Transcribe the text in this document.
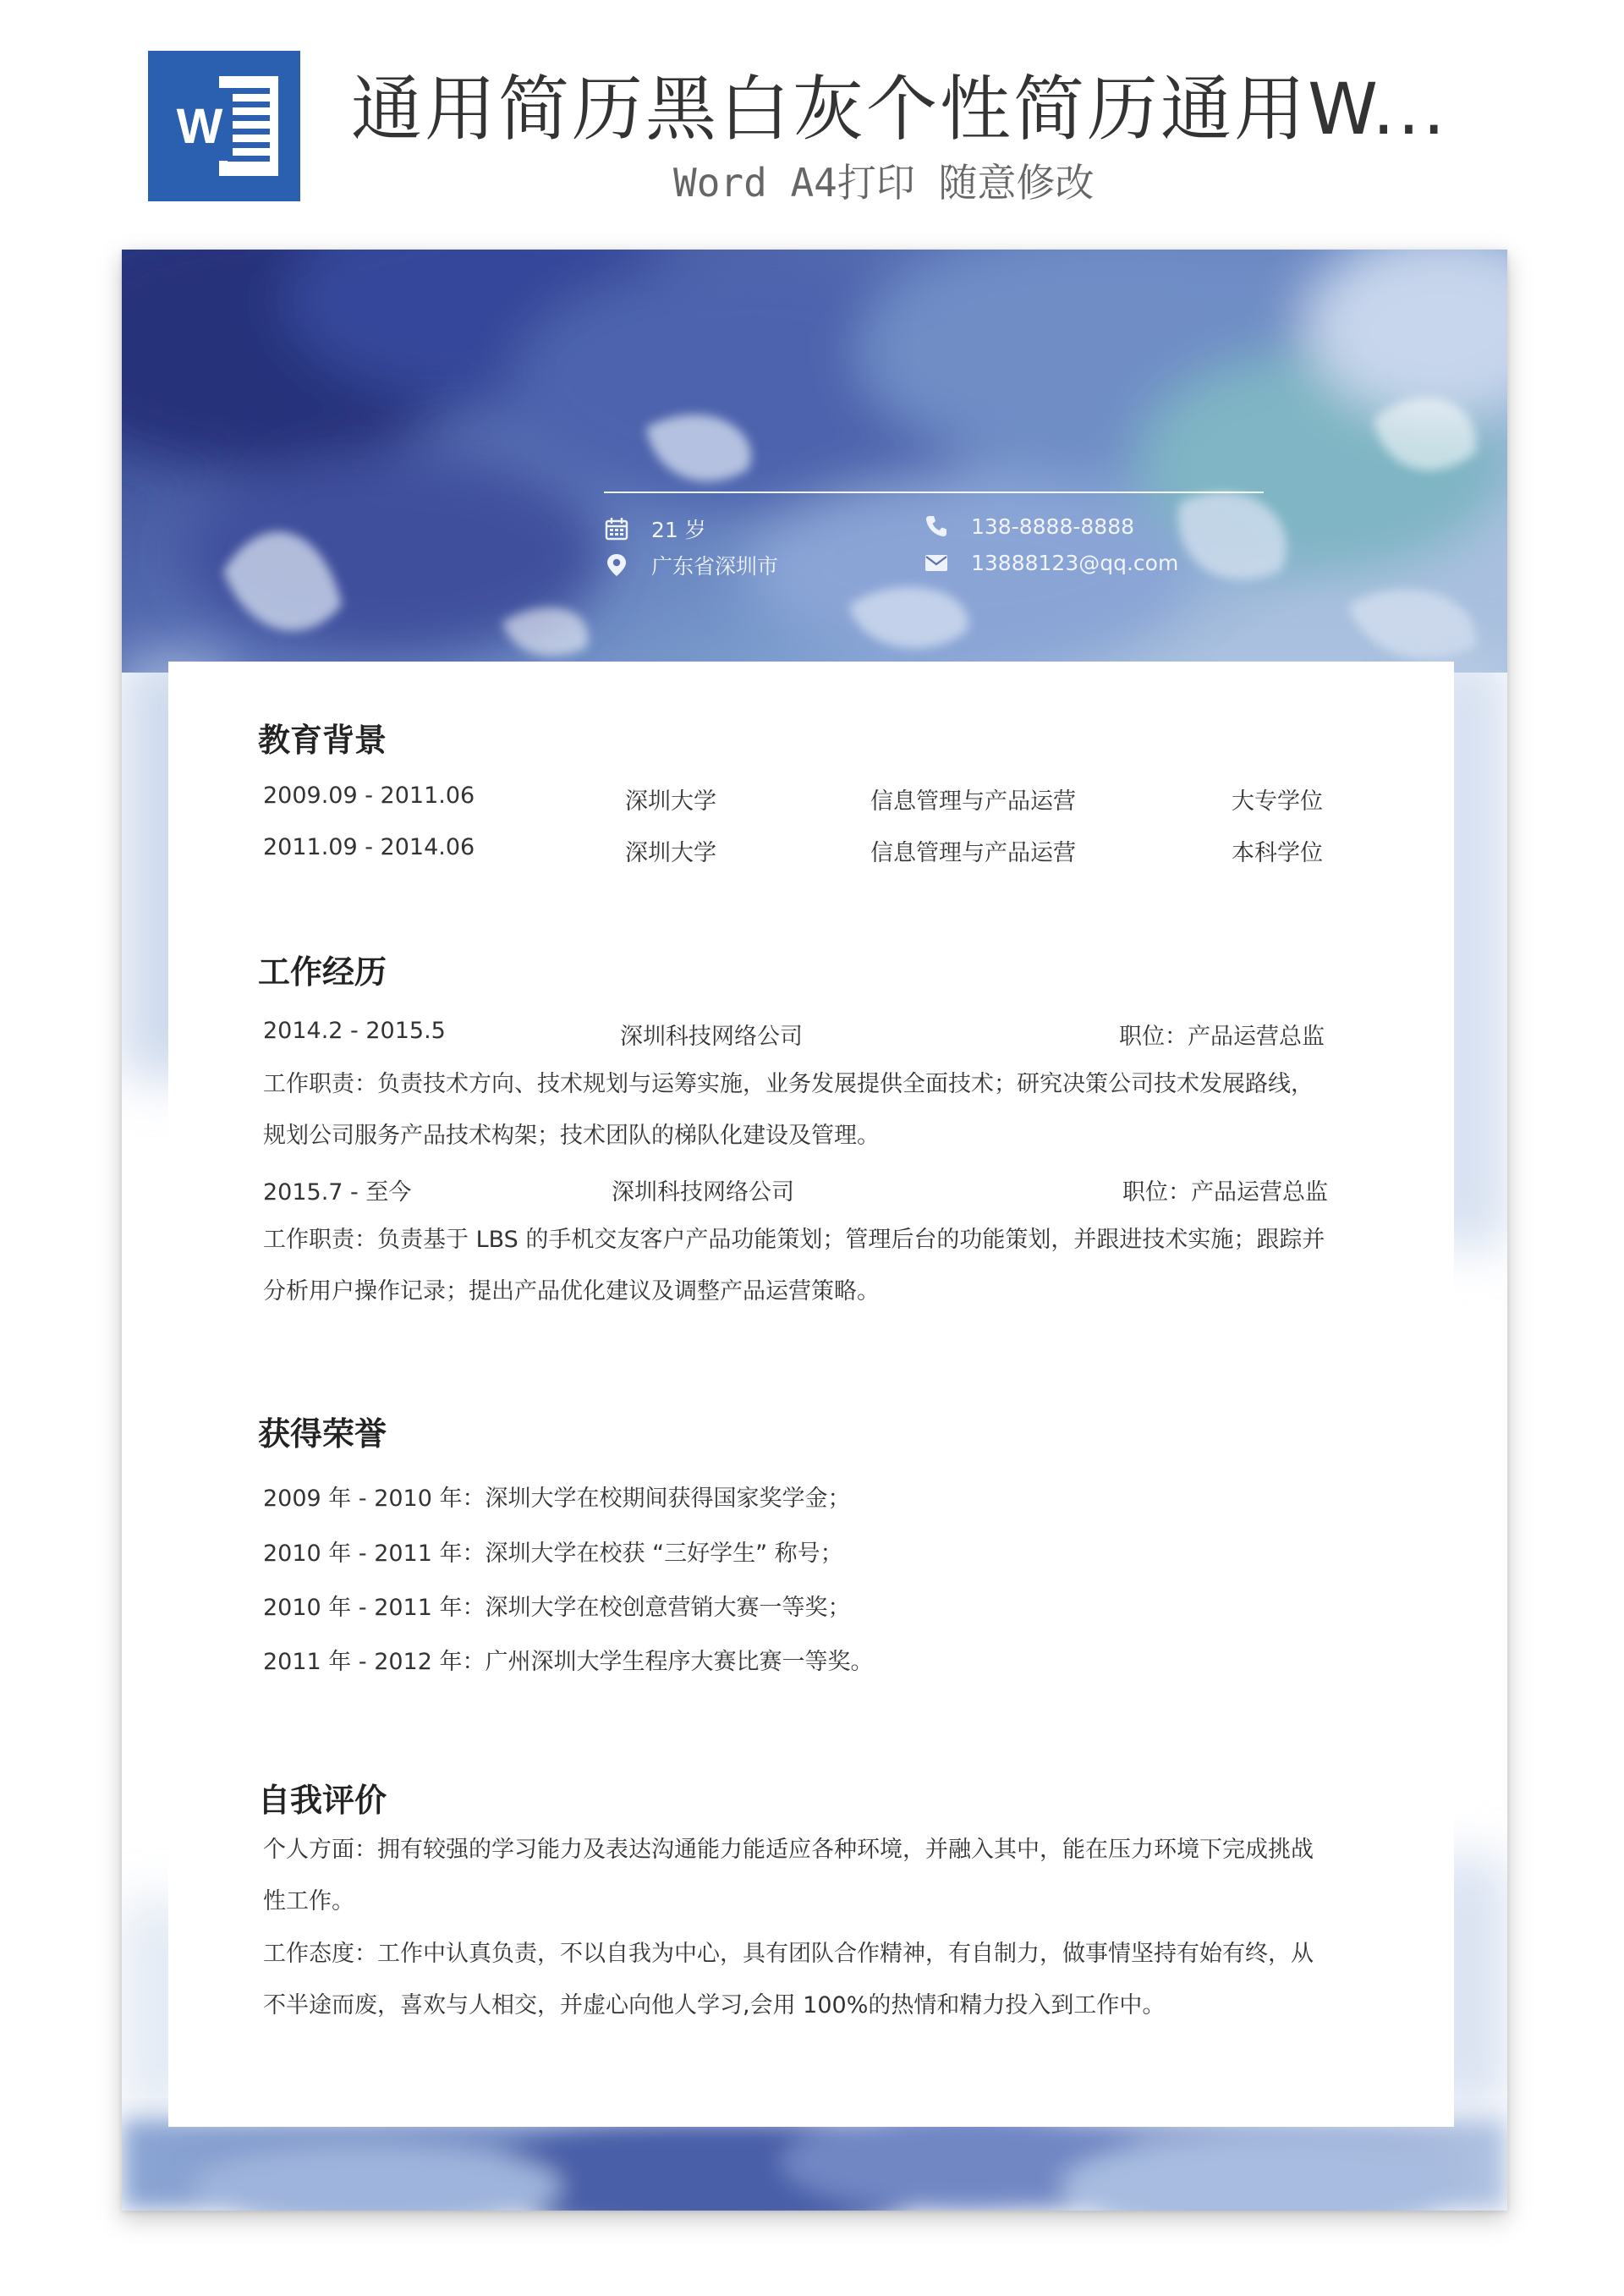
W 通用简历黑白灰个性简历通用W...
Word A4打印 随意修改
21 岁
广东省深圳市
138-8888-8888
13888123@qq.com
教育背景
2009.09 - 2011.06	深圳大学	信息管理与产品运营	大专学位
2011.09 - 2014.06	深圳大学	信息管理与产品运营	本科学位
工作经历
2014.2 - 2015.5	深圳科技网络公司	职位：产品运营总监
工作职责：负责技术方向、技术规划与运筹实施，业务发展提供全面技术；研究决策公司技术发展路线，规划公司服务产品技术构架；技术团队的梯队化建设及管理。
2015.7 - 至今	深圳科技网络公司	职位：产品运营总监
工作职责：负责基于 LBS 的手机交友客户产品功能策划；管理后台的功能策划，并跟进技术实施；跟踪并分析用户操作记录；提出产品优化建议及调整产品运营策略。
获得荣誉
2009 年 - 2010 年：深圳大学在校期间获得国家奖学金；
2010 年 - 2011 年：深圳大学在校获 “三好学生” 称号；
2010 年 - 2011 年：深圳大学在校创意营销大赛一等奖；
2011 年 - 2012 年：广州深圳大学生程序大赛比赛一等奖。
自我评价
个人方面：拥有较强的学习能力及表达沟通能力能适应各种环境，并融入其中，能在压力环境下完成挑战性工作。
工作态度：工作中认真负责，不以自我为中心，具有团队合作精神，有自制力，做事情坚持有始有终，从不半途而废，喜欢与人相交，并虚心向他人学习,会用 100%的热情和精力投入到工作中。
